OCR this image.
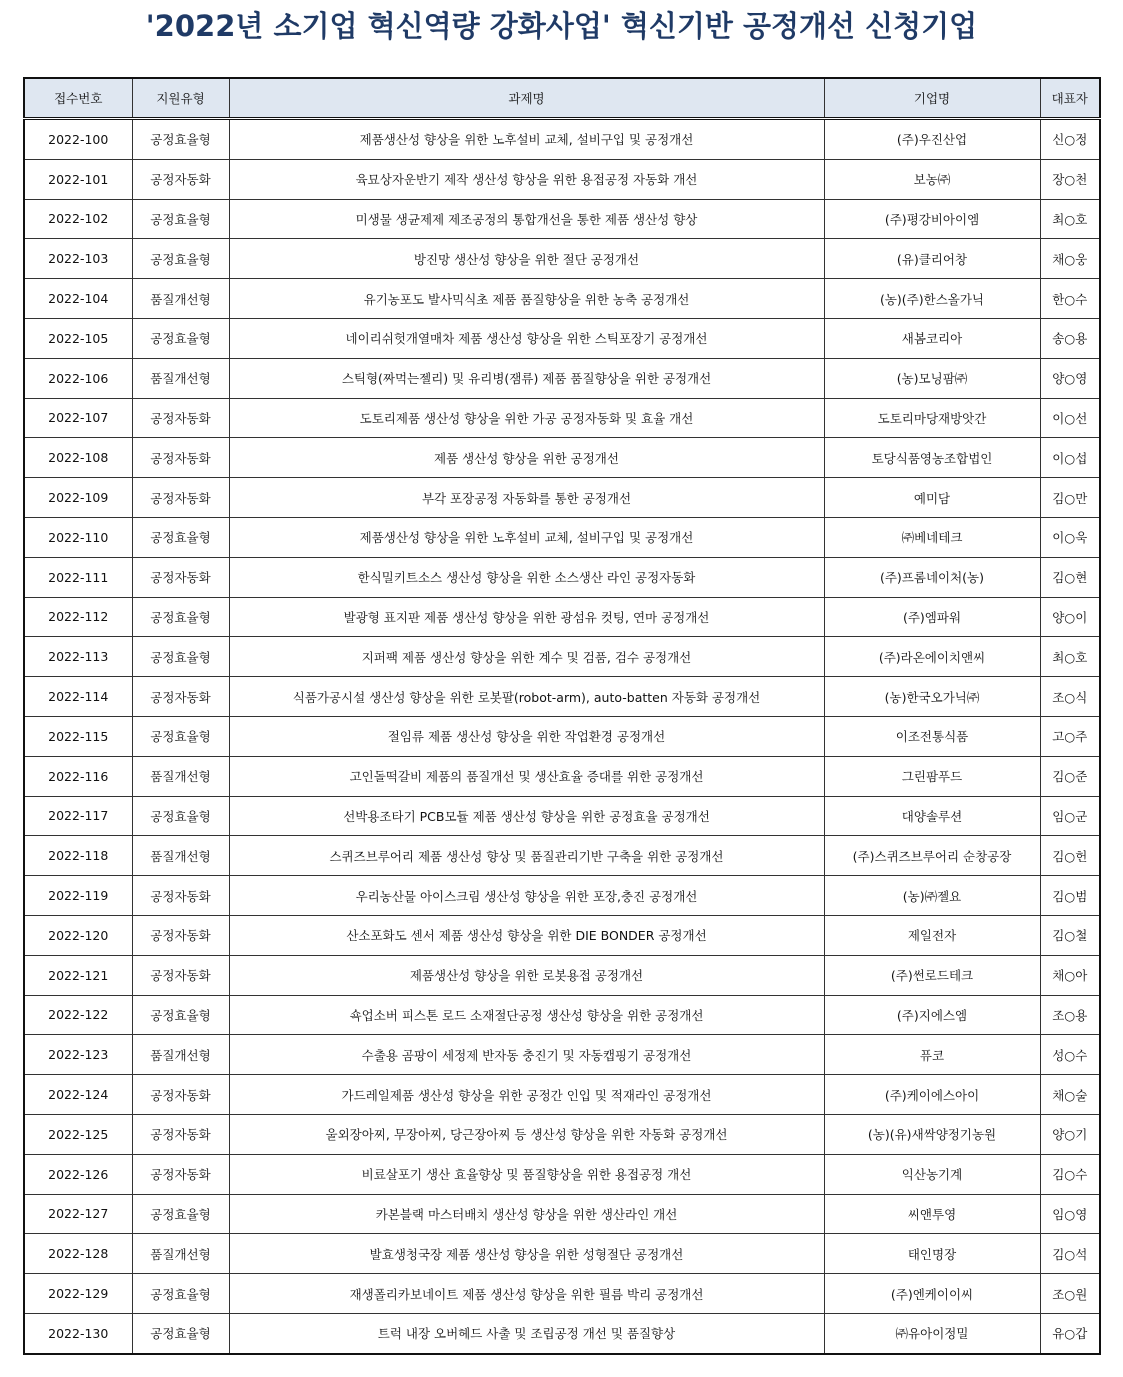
'2022년 소기업 혁신역량 강화사업' 혁신기반 공정개선 신청기업
접수번호	지원유형	과제명	기업명	대표자
2022-100	공정효율형	제품생산성 향상을 위한 노후설비 교체, 설비구입 및 공정개선	(주)우진산업	신○정
2022-101	공정자동화	육묘상자운반기 제작 생산성 향상을 위한 용접공정 자동화 개선	보농㈜	장○천
2022-102	공정효율형	미생물 생균제제 제조공정의 통합개선을 통한 제품 생산성 향상	(주)평강비아이엠	최○호
2022-103	공정효율형	방진망 생산성 향상을 위한 절단 공정개선	(유)클리어창	채○웅
2022-104	품질개선형	유기농포도 발사믹식초 제품 품질향상을 위한 농축 공정개선	(농)(주)한스올가닉	한○수
2022-105	공정효율형	네이리쉬헛개열매차 제품 생산성 향상을 위한 스틱포장기 공정개선	새봄코리아	송○용
2022-106	품질개선형	스틱형(짜먹는젤리) 및 유리병(잼류) 제품 품질향상을 위한 공정개선	(농)모닝팜㈜	양○영
2022-107	공정자동화	도토리제품 생산성 향상을 위한 가공 공정자동화 및 효율 개선	도토리마당재방앗간	이○선
2022-108	공정자동화	제품 생산성 향상을 위한 공정개선	토당식품영농조합법인	이○섭
2022-109	공정자동화	부각 포장공정 자동화를 통한 공정개선	예미담	김○만
2022-110	공정효율형	제품생산성 향상을 위한 노후설비 교체, 설비구입 및 공정개선	㈜베네테크	이○욱
2022-111	공정자동화	한식밀키트소스 생산성 향상을 위한 소스생산 라인 공정자동화	(주)프롬네이처(농)	김○현
2022-112	공정효율형	발광형 표지판 제품 생산성 향상을 위한 광섬유 컷팅, 연마 공정개선	(주)엠파워	양○이
2022-113	공정효율형	지퍼팩 제품 생산성 향상을 위한 계수 및 검품, 검수 공정개선	(주)라온에이치앤씨	최○호
2022-114	공정자동화	식품가공시설 생산성 향상을 위한 로봇팔(robot-arm), auto-batten 자동화 공정개선	(농)한국오가닉㈜	조○식
2022-115	공정효율형	절임류 제품 생산성 향상을 위한 작업환경 공정개선	이조전통식품	고○주
2022-116	품질개선형	고인돌떡갈비 제품의 품질개선 및 생산효율 증대를 위한 공정개선	그린팜푸드	김○준
2022-117	공정효율형	선박용조타기 PCB모듈 제품 생산성 향상을 위한 공정효율 공정개선	대양솔루션	임○군
2022-118	품질개선형	스퀴즈브루어리 제품 생산성 향상 및 품질관리기반 구축을 위한 공정개선	(주)스퀴즈브루어리 순창공장	김○헌
2022-119	공정자동화	우리농산물 아이스크림 생산성 향상을 위한 포장,충진 공정개선	(농)㈜젤요	김○범
2022-120	공정자동화	산소포화도 센서 제품 생산성 향상을 위한 DIE BONDER 공정개선	제일전자	김○철
2022-121	공정자동화	제품생산성 향상을 위한 로봇용접 공정개선	(주)썬로드테크	채○아
2022-122	공정효율형	쇽업소버 피스톤 로드 소재절단공정 생산성 향상을 위한 공정개선	(주)지에스엠	조○용
2022-123	품질개선형	수출용 곰팡이 세정제 반자동 충진기 및 자동캡핑기 공정개선	퓨코	성○수
2022-124	공정자동화	가드레일제품 생산성 향상을 위한 공정간 인입 및 적재라인 공정개선	(주)케이에스아이	채○술
2022-125	공정자동화	울외장아찌, 무장아찌, 당근장아찌 등 생산성 향상을 위한 자동화 공정개선	(농)(유)새싹양정기농원	양○기
2022-126	공정자동화	비료살포기 생산 효율향상 및 품질향상을 위한 용접공정 개선	익산농기계	김○수
2022-127	공정효율형	카본블랙 마스터배치 생산성 향상을 위한 생산라인 개선	씨앤투영	임○영
2022-128	품질개선형	발효생청국장 제품 생산성 향상을 위한 성형절단 공정개선	태인명장	김○석
2022-129	공정효율형	재생폴리카보네이트 제품 생산성 향상을 위한 필름 박리 공정개선	(주)엔케이이씨	조○원
2022-130	공정효율형	트럭 내장 오버헤드 사출 및 조립공정 개선 및 품질향상	㈜유아이정밀	유○갑
